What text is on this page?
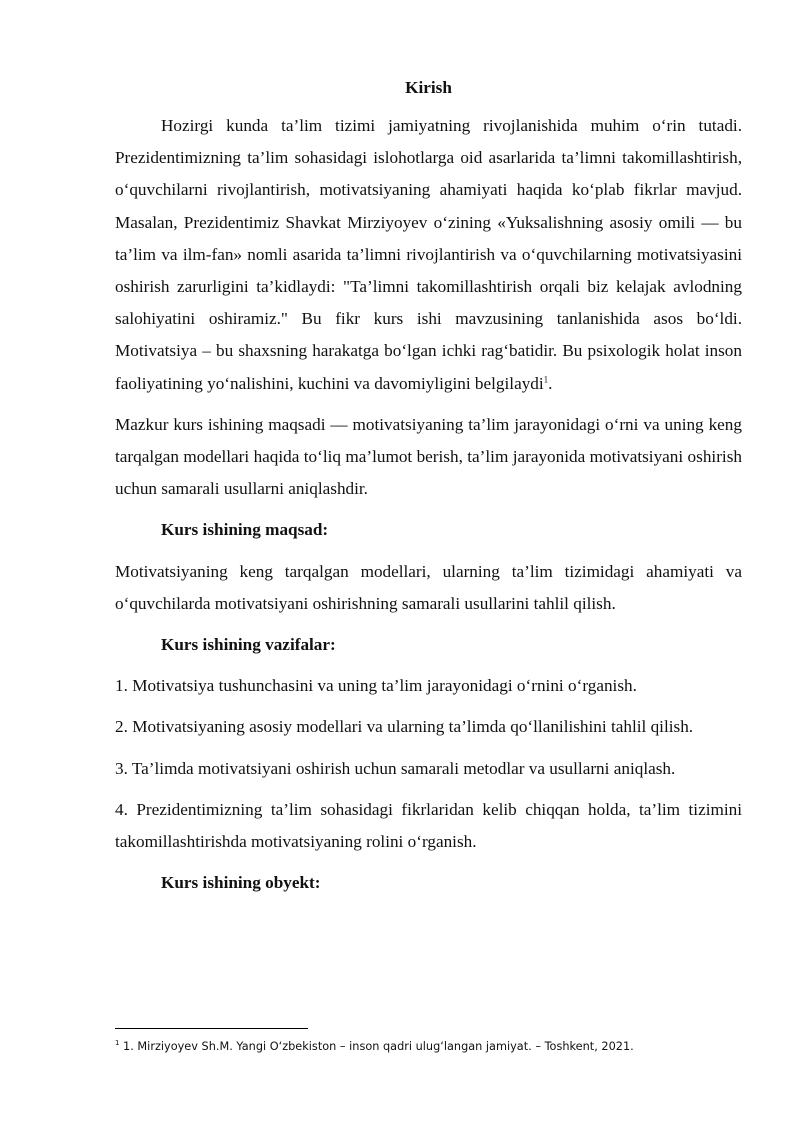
Kirish

Hozirgi kunda ta’lim tizimi jamiyatning rivojlanishida muhim o‘rin tutadi. Prezidentimizning ta’lim sohasidagi islohotlarga oid asarlarida ta’limni takomillashtirish, o‘quvchilarni rivojlantirish, motivatsiyaning ahamiyati haqida ko‘plab fikrlar mavjud. Masalan, Prezidentimiz Shavkat Mirziyoyev o‘zining «Yuksalishning asosiy omili — bu ta’lim va ilm-fan» nomli asarida ta’limni rivojlantirish va o‘quvchilarning motivatsiyasini oshirish zarurligini ta’kidlaydi: "Ta’limni takomillashtirish orqali biz kelajak avlodning salohiyatini oshiramiz." Bu fikr kurs ishi mavzusining tanlanishida asos bo‘ldi. Motivatsiya – bu shaxsning harakatga bo‘lgan ichki rag‘batidir. Bu psixologik holat inson faoliyatining yo‘nalishini, kuchini va davomiyligini belgilaydi$^1$.

Mazkur kurs ishining maqsadi — motivatsiyaning ta’lim jarayonidagi o‘rni va uning keng tarqalgan modellari haqida to‘liq ma’lumot berish, ta’lim jarayonida motivatsiyani oshirish uchun samarali usullarni aniqlashdir.

Kurs ishining maqsad:

Motivatsiyaning keng tarqalgan modellari, ularning ta’lim tizimidagi ahamiyati va o‘quvchilarda motivatsiyani oshirishning samarali usullarini tahlil qilish.

Kurs ishining vazifalar:

1. Motivatsiya tushunchasini va uning ta’lim jarayonidagi o‘rnini o‘rganish.

2. Motivatsiyaning asosiy modellari va ularning ta’limda qo‘llanilishini tahlil qilish.

3. Ta’limda motivatsiyani oshirish uchun samarali metodlar va usullarni aniqlash.

4. Prezidentimizning ta’lim sohasidagi fikrlaridan kelib chiqqan holda, ta’lim tizimini takomillashtirishda motivatsiyaning rolini o‘rganish.

Kurs ishining obyekt:

$^1$ 1. Mirziyoyev Sh.M. Yangi O‘zbekiston – inson qadri ulug‘langan jamiyat. – Toshkent, 2021.
